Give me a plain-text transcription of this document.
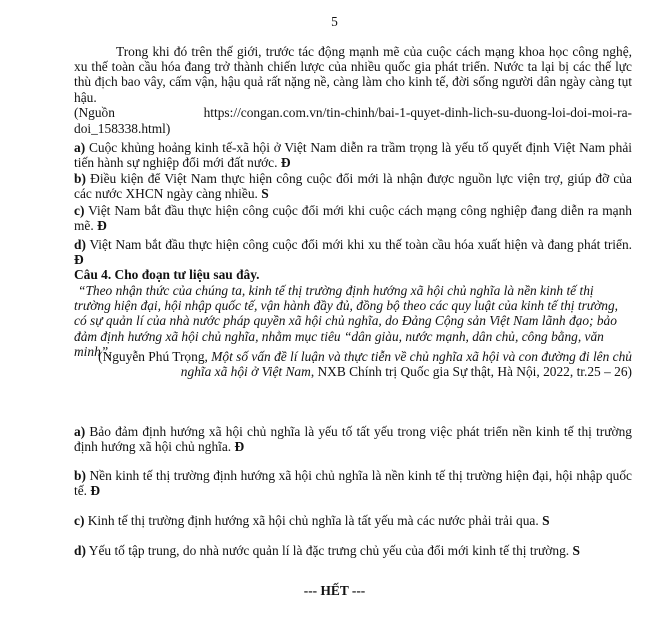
5
Trong khi đó trên thế giới, trước tác động mạnh mẽ của cuộc cách mạng khoa học công nghệ, xu thế toàn cầu hóa đang trở thành chiến lược của nhiều quốc gia phát triển. Nước ta lại bị các thế lực thù địch bao vây, cấm vận, hậu quả rất nặng nề, càng làm cho kinh tế, đời sống người dân ngày càng tụt hậu.
(Nguồn	https://congan.com.vn/tin-chinh/bai-1-quyet-dinh-lich-su-duong-loi-doi-moi-ra-
doi_158338.html)
a) Cuộc khủng hoảng kinh tế-xã hội ở Việt Nam diễn ra trầm trọng là yếu tố quyết định Việt Nam phải tiến hành sự nghiệp đổi mới đất nước. Đ
b) Điều kiện để Việt Nam thực hiện công cuộc đổi mới là nhận được nguồn lực viện trợ, giúp đỡ của các nước XHCN ngày càng nhiều. S
c) Việt Nam bắt đầu thực hiện công cuộc đổi mới khi cuộc cách mạng công nghiệp đang diễn ra mạnh mẽ. Đ
d) Việt Nam bắt đầu thực hiện công cuộc đổi mới khi xu thế toàn cầu hóa xuất hiện và đang phát triển. Đ
Câu 4. Cho đoạn tư liệu sau đây.
“Theo nhận thức của chúng ta, kinh tế thị trường định hướng xã hội chủ nghĩa là nền kinh tế thị trường hiện đại, hội nhập quốc tế, vận hành đầy đủ, đồng bộ theo các quy luật của kinh tế thị trường, có sự quản lí của nhà nước pháp quyền xã hội chủ nghĩa, do Đảng Cộng sản Việt Nam lãnh đạo; bảo đảm định hướng xã hội chủ nghĩa, nhằm mục tiêu “dân giàu, nước mạnh, dân chủ, công bằng, văn minh”.
(Nguyễn Phú Trọng, Một số vấn đề lí luận và thực tiễn về chủ nghĩa xã hội và con đường đi lên chủ nghĩa xã hội ở Việt Nam, NXB Chính trị Quốc gia Sự thật, Hà Nội, 2022, tr.25 – 26)
a) Bảo đảm định hướng xã hội chủ nghĩa là yếu tố tất yếu trong việc phát triển nền kinh tế thị trường định hướng xã hội chủ nghĩa. Đ
b) Nền kinh tế thị trường định hướng xã hội chủ nghĩa là nền kinh tế thị trường hiện đại, hội nhập quốc tế. Đ
c) Kinh tế thị trường định hướng xã hội chủ nghĩa là tất yếu mà các nước phải trải qua. S
d) Yếu tố tập trung, do nhà nước quản lí là đặc trưng chủ yếu của đổi mới kinh tế thị trường. S
--- HẾT ---
